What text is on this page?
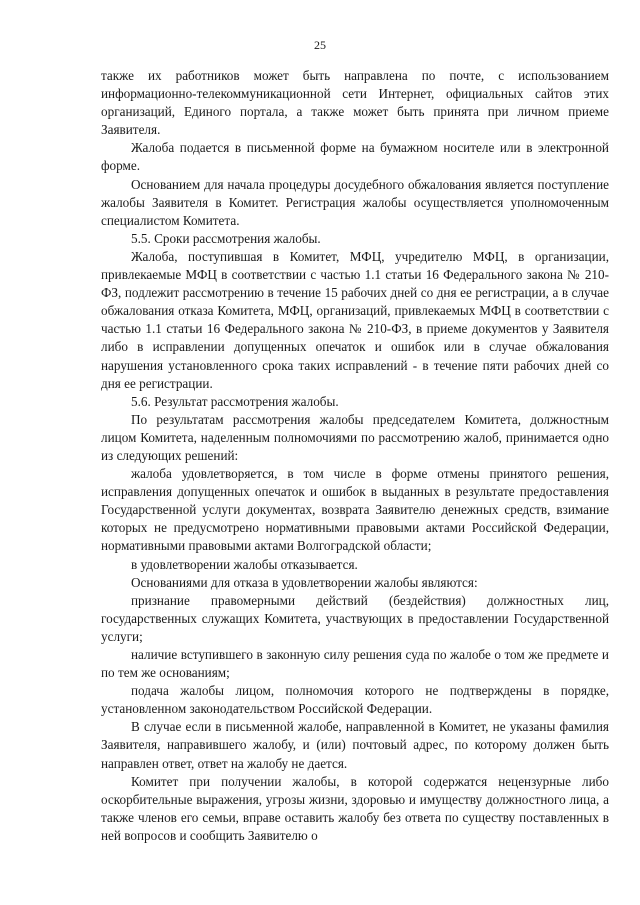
25

также их работников может быть направлена по почте, с использованием информационно-телекоммуникационной сети Интернет, официальных сайтов этих организаций, Единого портала, а также может быть принята при личном приеме Заявителя.

Жалоба подается в письменной форме на бумажном носителе или в электронной форме.

Основанием для начала процедуры досудебного обжалования является поступление жалобы Заявителя в Комитет. Регистрация жалобы осуществляется уполномоченным специалистом Комитета.

5.5. Сроки рассмотрения жалобы.

Жалоба, поступившая в Комитет, МФЦ, учредителю МФЦ, в организации, привлекаемые МФЦ в соответствии с частью 1.1 статьи 16 Федерального закона № 210-ФЗ, подлежит рассмотрению в течение 15 рабочих дней со дня ее регистрации, а в случае обжалования отказа Комитета, МФЦ, организаций, привлекаемых МФЦ в соответствии с частью 1.1 статьи 16 Федерального закона № 210-ФЗ, в приеме документов у Заявителя либо в исправлении допущенных опечаток и ошибок или в случае обжалования нарушения установленного срока таких исправлений - в течение пяти рабочих дней со дня ее регистрации.

5.6. Результат рассмотрения жалобы.

По результатам рассмотрения жалобы председателем Комитета, должностным лицом Комитета, наделенным полномочиями по рассмотрению жалоб, принимается одно из следующих решений:

жалоба удовлетворяется, в том числе в форме отмены принятого решения, исправления допущенных опечаток и ошибок в выданных в результате предоставления Государственной услуги документах, возврата Заявителю денежных средств, взимание которых не предусмотрено нормативными правовыми актами Российской Федерации, нормативными правовыми актами Волгоградской области;

в удовлетворении жалобы отказывается.

Основаниями для отказа в удовлетворении жалобы являются:

признание правомерными действий (бездействия) должностных лиц, государственных служащих Комитета, участвующих в предоставлении Государственной услуги;

наличие вступившего в законную силу решения суда по жалобе о том же предмете и по тем же основаниям;

подача жалобы лицом, полномочия которого не подтверждены в порядке, установленном законодательством Российской Федерации.

В случае если в письменной жалобе, направленной в Комитет, не указаны фамилия Заявителя, направившего жалобу, и (или) почтовый адрес, по которому должен быть направлен ответ, ответ на жалобу не дается.

Комитет при получении жалобы, в которой содержатся нецензурные либо оскорбительные выражения, угрозы жизни, здоровью и имуществу должностного лица, а также членов его семьи, вправе оставить жалобу без ответа по существу поставленных в ней вопросов и сообщить Заявителю о
